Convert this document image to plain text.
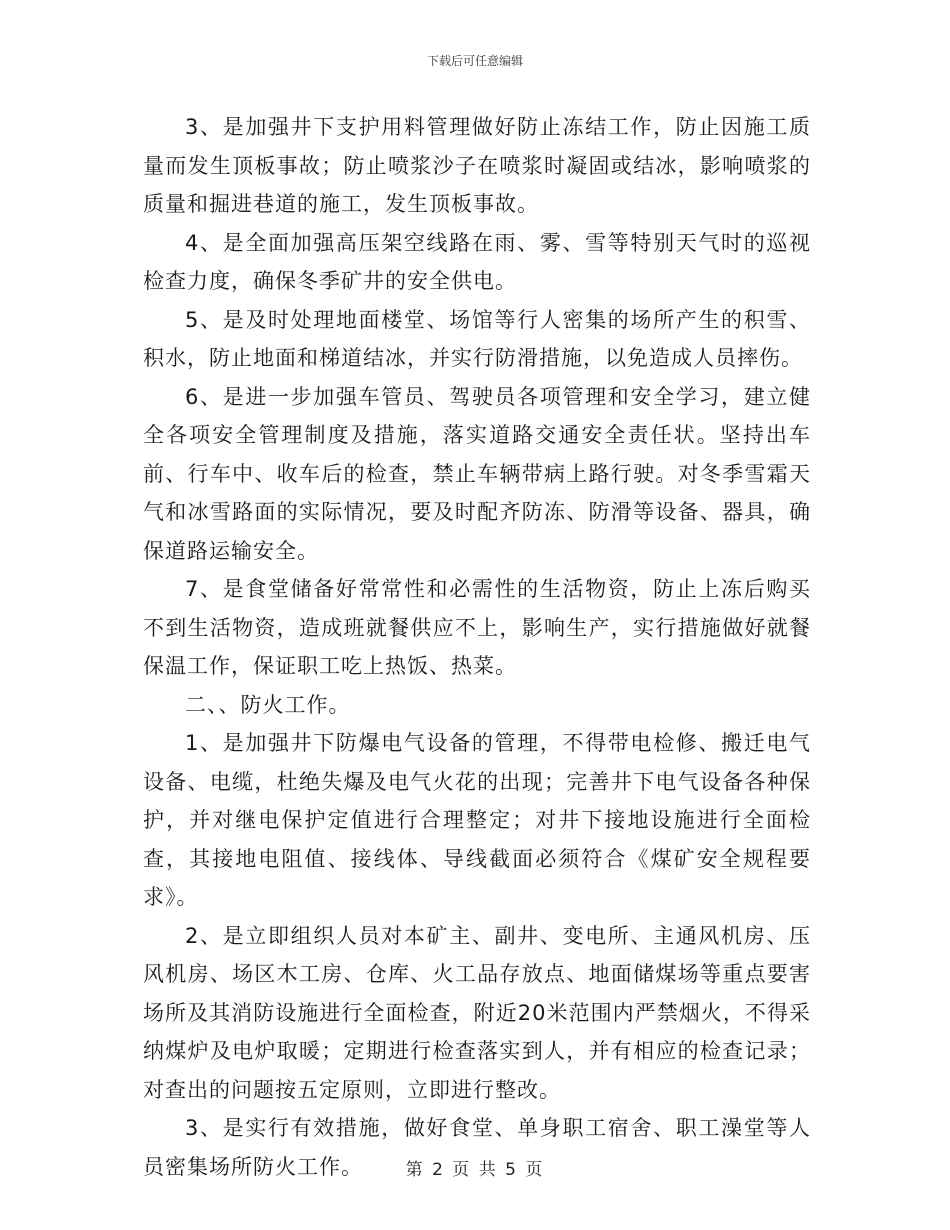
下载后可任意编辑

3、是加强井下支护用料管理做好防止冻结工作，防止因施工质量而发生顶板事故；防止喷浆沙子在喷浆时凝固或结冰，影响喷浆的质量和掘进巷道的施工，发生顶板事故。

4、是全面加强高压架空线路在雨、雾、雪等特别天气时的巡视检查力度，确保冬季矿井的安全供电。

5、是及时处理地面楼堂、场馆等行人密集的场所产生的积雪、积水，防止地面和梯道结冰，并实行防滑措施，以免造成人员摔伤。

6、是进一步加强车管员、驾驶员各项管理和安全学习，建立健全各项安全管理制度及措施，落实道路交通安全责任状。坚持出车前、行车中、收车后的检查，禁止车辆带病上路行驶。对冬季雪霜天气和冰雪路面的实际情况，要及时配齐防冻、防滑等设备、器具，确保道路运输安全。

7、是食堂储备好常常性和必需性的生活物资，防止上冻后购买不到生活物资，造成班就餐供应不上，影响生产，实行措施做好就餐保温工作，保证职工吃上热饭、热菜。

二、、防火工作。

1、是加强井下防爆电气设备的管理，不得带电检修、搬迁电气设备、电缆，杜绝失爆及电气火花的出现；完善井下电气设备各种保护，并对继电保护定值进行合理整定；对井下接地设施进行全面检查，其接地电阻值、接线体、导线截面必须符合《煤矿安全规程要求》。

2、是立即组织人员对本矿主、副井、变电所、主通风机房、压风机房、场区木工房、仓库、火工品存放点、地面储煤场等重点要害场所及其消防设施进行全面检查，附近20米范围内严禁烟火，不得采纳煤炉及电炉取暖；定期进行检查落实到人，并有相应的检查记录；对查出的问题按五定原则，立即进行整改。

3、是实行有效措施，做好食堂、单身职工宿舍、职工澡堂等人员密集场所防火工作。	第 2 页 共 5 页
